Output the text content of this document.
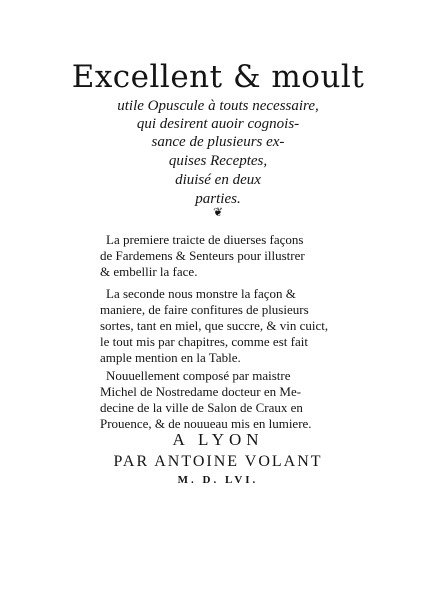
Excellent & moult
utile Opuscule à touts necessaire,
qui desirent auoir cognois-
sance de plusieurs ex-
quises Receptes,
diuisé en deux
parties.
❦
La premiere traicte de diuerses façons
de Fardemens & Senteurs pour illustrer
& embellir la face.
La seconde nous monstre la façon &
maniere, de faire confitures de plusieurs
sortes, tant en miel, que succre, & vin cuict,
le tout mis par chapitres, comme est fait
ample mention en la Table.
Nouuellement composé par maistre
Michel de Nostredame docteur en Me-
decine de la ville de Salon de Craux en
Prouence, & de nouueau mis en lumiere.
A LYON
PAR ANTOINE VOLANT
M. D. LVI.
